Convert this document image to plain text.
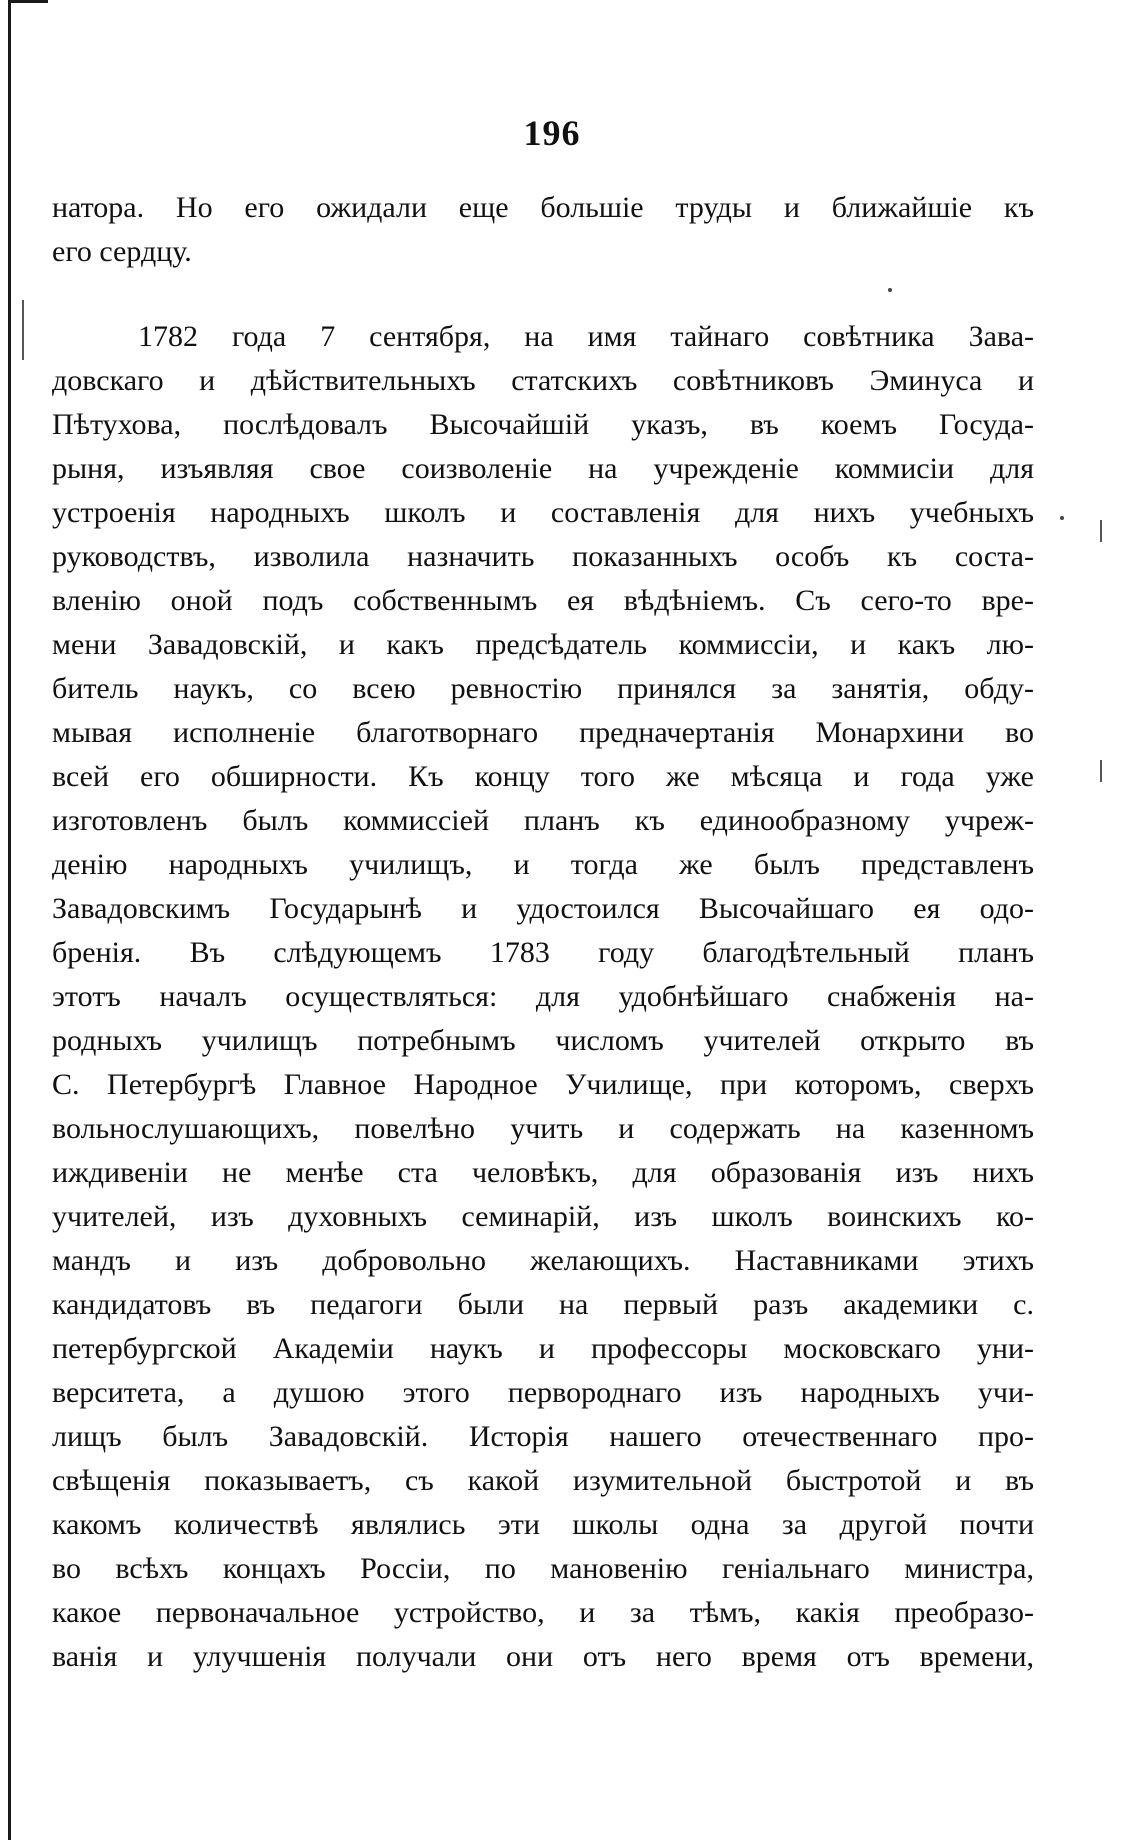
196
натора. Но его ожидали еще большіе труды и ближайшіе къ
его сердцу.
1782 года 7 сентября, на имя тайнаго совѣтника Зава-
довскаго и дѣйствительныхъ статскихъ совѣтниковъ Эминуса и
Пѣтухова, послѣдовалъ Высочайшій указъ, въ коемъ Госуда-
рыня, изъявляя свое соизволеніе на учрежденіе коммисіи для
устроенія народныхъ школъ и составленія для нихъ учебныхъ
руководствъ, изволила назначить показанныхъ особъ къ соста-
вленію оной подъ собственнымъ ея вѣдѣніемъ. Съ сего-то вре-
мени Завадовскій, и какъ предсѣдатель коммиссіи, и какъ лю-
битель наукъ, со всею ревностію принялся за занятія, обду-
мывая исполненіе благотворнаго предначертанія Монархини во
всей его обширности. Къ концу того же мѣсяца и года уже
изготовленъ былъ коммиссіей планъ къ единообразному учреж-
денію народныхъ училищъ, и тогда же былъ представленъ
Завадовскимъ Государынѣ и удостоился Высочайшаго ея одо-
бренія. Въ слѣдующемъ 1783 году благодѣтельный планъ
этотъ началъ осуществляться: для удобнѣйшаго снабженія на-
родныхъ училищъ потребнымъ числомъ учителей открыто въ
С. Петербургѣ Главное Народное Училище, при которомъ, сверхъ
вольнослушающихъ, повелѣно учить и содержать на казенномъ
иждивеніи не менѣе ста человѣкъ, для образованія изъ нихъ
учителей, изъ духовныхъ семинарій, изъ школъ воинскихъ ко-
мандъ и изъ добровольно желающихъ. Наставниками этихъ
кандидатовъ въ педагоги были на первый разъ академики с.
петербургской Академіи наукъ и профессоры московскаго уни-
верситета, а душою этого первороднаго изъ народныхъ учи-
лищъ былъ Завадовскій. Исторія нашего отечественнаго про-
свѣщенія показываетъ, съ какой изумительной быстротой и въ
какомъ количествѣ являлись эти школы одна за другой почти
во всѣхъ концахъ Россіи, по мановенію геніальнаго министра,
какое первоначальное устройство, и за тѣмъ, какія преобразо-
ванія и улучшенія получали они отъ него время отъ времени,
